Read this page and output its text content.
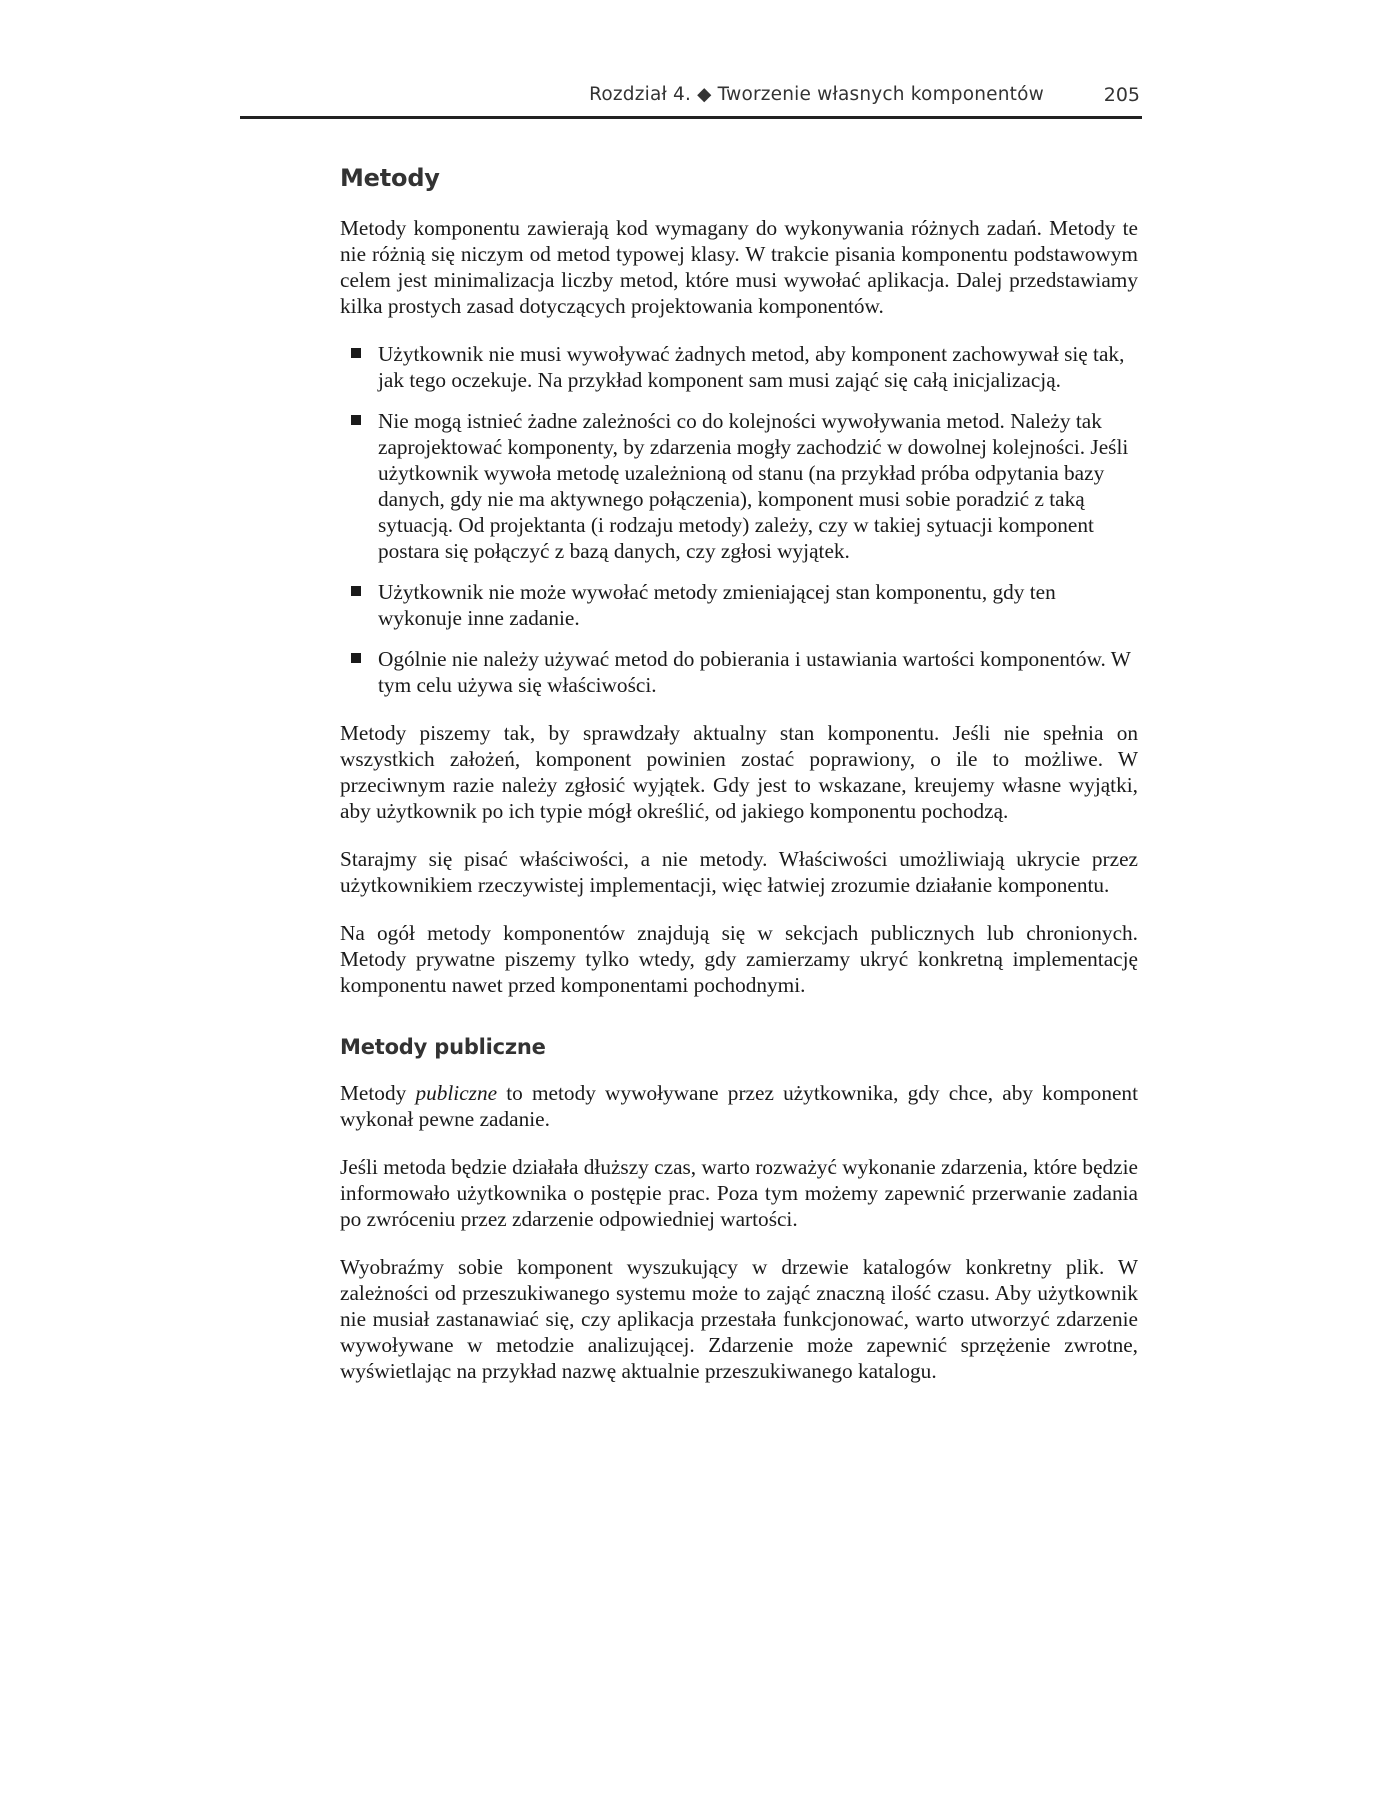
Rozdział 4. ◆ Tworzenie własnych komponentów	205
Metody

Metody komponentu zawierają kod wymagany do wykonywania różnych zadań. Metody te nie różnią się niczym od metod typowej klasy. W trakcie pisania komponentu podstawowym celem jest minimalizacja liczby metod, które musi wywołać aplikacja. Dalej przedstawiamy kilka prostych zasad dotyczących projektowania komponentów.

Użytkownik nie musi wywoływać żadnych metod, aby komponent zachowywał się tak, jak tego oczekuje. Na przykład komponent sam musi zająć się całą inicjalizacją.
Nie mogą istnieć żadne zależności co do kolejności wywoływania metod. Należy tak zaprojektować komponenty, by zdarzenia mogły zachodzić w dowolnej kolejności. Jeśli użytkownik wywoła metodę uzależnioną od stanu (na przykład próba odpytania bazy danych, gdy nie ma aktywnego połączenia), komponent musi sobie poradzić z taką sytuacją. Od projektanta (i rodzaju metody) zależy, czy w takiej sytuacji komponent postara się połączyć z bazą danych, czy zgłosi wyjątek.
Użytkownik nie może wywołać metody zmieniającej stan komponentu, gdy ten wykonuje inne zadanie.
Ogólnie nie należy używać metod do pobierania i ustawiania wartości komponentów. W tym celu używa się właściwości.

Metody piszemy tak, by sprawdzały aktualny stan komponentu. Jeśli nie spełnia on wszystkich założeń, komponent powinien zostać poprawiony, o ile to możliwe. W przeciwnym razie należy zgłosić wyjątek. Gdy jest to wskazane, kreujemy własne wyjątki, aby użytkownik po ich typie mógł określić, od jakiego komponentu pochodzą.

Starajmy się pisać właściwości, a nie metody. Właściwości umożliwiają ukrycie przez użytkownikiem rzeczywistej implementacji, więc łatwiej zrozumie działanie komponentu.

Na ogół metody komponentów znajdują się w sekcjach publicznych lub chronionych. Metody prywatne piszemy tylko wtedy, gdy zamierzamy ukryć konkretną implementację komponentu nawet przed komponentami pochodnymi.

Metody publiczne

Metody publiczne to metody wywoływane przez użytkownika, gdy chce, aby komponent wykonał pewne zadanie.

Jeśli metoda będzie działała dłuższy czas, warto rozważyć wykonanie zdarzenia, które będzie informowało użytkownika o postępie prac. Poza tym możemy zapewnić przerwanie zadania po zwróceniu przez zdarzenie odpowiedniej wartości.

Wyobraźmy sobie komponent wyszukujący w drzewie katalogów konkretny plik. W zależności od przeszukiwanego systemu może to zająć znaczną ilość czasu. Aby użytkownik nie musiał zastanawiać się, czy aplikacja przestała funkcjonować, warto utworzyć zdarzenie wywoływane w metodzie analizującej. Zdarzenie może zapewnić sprzężenie zwrotne, wyświetlając na przykład nazwę aktualnie przeszukiwanego katalogu.
